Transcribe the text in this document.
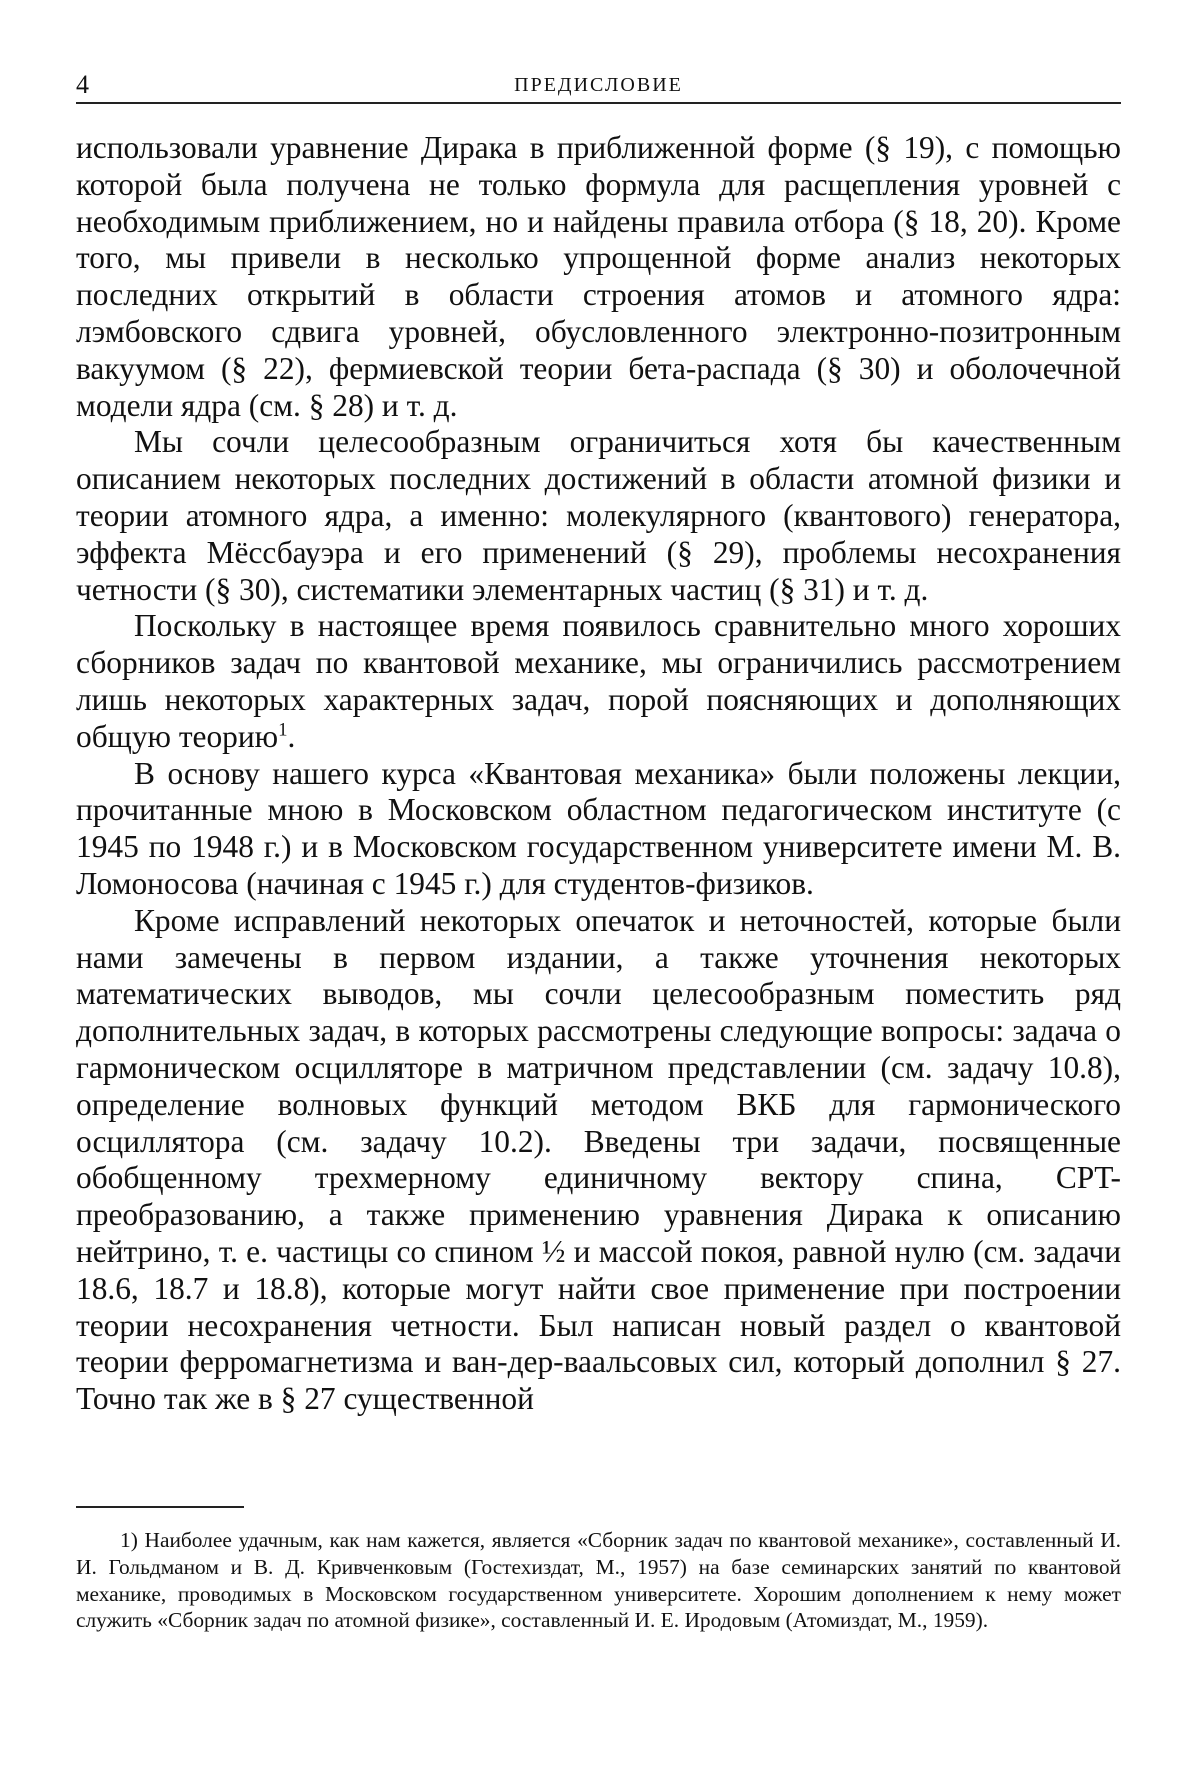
4	ПРЕДИСЛОВИЕ

использовали уравнение Дирака в приближенной форме (§ 19), с помощью которой была получена не только формула для расщепления уровней с необходимым приближением, но и найдены правила отбора (§ 18, 20). Кроме того, мы привели в несколько упрощенной форме анализ некоторых последних открытий в области строения атомов и атомного ядра: лэмбовского сдвига уровней, обусловленного электронно-позитронным вакуумом (§ 22), фермиевской теории бета-распада (§ 30) и оболочечной модели ядра (см. § 28) и т. д.

Мы сочли целесообразным ограничиться хотя бы качественным описанием некоторых последних достижений в области атомной физики и теории атомного ядра, а именно: молекулярного (квантового) генератора, эффекта Мёссбауэра и его применений (§ 29), проблемы несохранения четности (§ 30), систематики элементарных частиц (§ 31) и т. д.

Поскольку в настоящее время появилось сравнительно много хороших сборников задач по квантовой механике, мы ограничились рассмотрением лишь некоторых характерных задач, порой поясняющих и дополняющих общую теорию$^1$.

В основу нашего курса «Квантовая механика» были положены лекции, прочитанные мною в Московском областном педагогическом институте (с 1945 по 1948 г.) и в Московском государственном университете имени М. В. Ломоносова (начиная с 1945 г.) для студентов-физиков.

Кроме исправлений некоторых опечаток и неточностей, которые были нами замечены в первом издании, а также уточнения некоторых математических выводов, мы сочли целесообразным поместить ряд дополнительных задач, в которых рассмотрены следующие вопросы: задача о гармоническом осцилляторе в матричном представлении (см. задачу 10.8), определение волновых функций методом ВКБ для гармонического осциллятора (см. задачу 10.2). Введены три задачи, посвященные обобщенному трехмерному единичному вектору спина, CPT-преобразованию, а также применению уравнения Дирака к описанию нейтрино, т. е. частицы со спином ½ и массой покоя, равной нулю (см. задачи 18.6, 18.7 и 18.8), которые могут найти свое применение при построении теории несохранения четности. Был написан новый раздел о квантовой теории ферромагнетизма и ван-дер-ваальсовых сил, который дополнил § 27. Точно так же в § 27 существенной

1) Наиболее удачным, как нам кажется, является «Сборник задач по квантовой механике», составленный И. И. Гольдманом и В. Д. Кривченковым (Гостехиздат, М., 1957) на базе семинарских занятий по квантовой механике, проводимых в Московском государственном университете. Хорошим дополнением к нему может служить «Сборник задач по атомной физике», составленный И. Е. Иродовым (Атомиздат, М., 1959).
